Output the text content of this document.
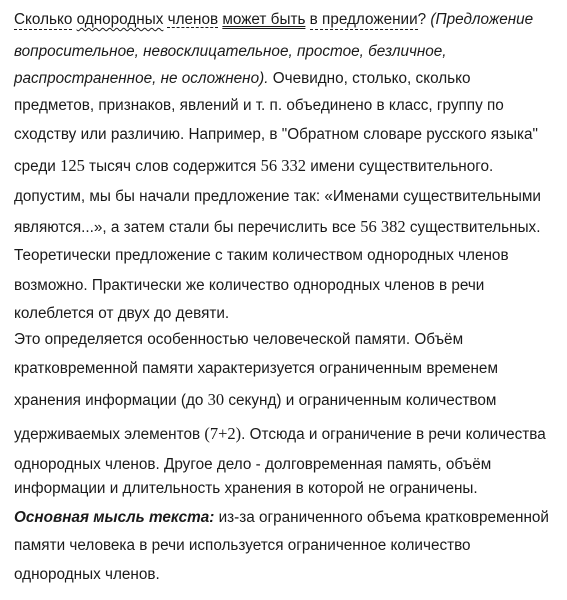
Сколько однородных членов может быть в предложении? (Предложение
вопросительное, невосклицательное, простое, безличное,
распространенное, не осложнено). Очевидно, столько, сколько
предметов, признаков, явлений и т. п. объединено в класс, группу по
сходству или различию. Например, в "Обратном словаре русского языка"
среди 125 тысяч слов содержится 56 332 имени существительного.
допустим, мы бы начали предложение так: «Именами существительными
являются...», а затем стали бы перечислить все 56 382 существительных.
Теоретически предложение с таким количеством однородных членов
возможно. Практически же количество однородных членов в речи
колеблется от двух до девяти.
Это определяется особенностью человеческой памяти. Объём
кратковременной памяти характеризуется ограниченным временем
хранения информации (до 30 секунд) и ограниченным количеством
удерживаемых элементов (7+2). Отсюда и ограничение в речи количества
однородных членов. Другое дело - долговременная память, объём
информации и длительность хранения в которой не ограничены.
Основная мысль текста: из-за ограниченного объема кратковременной
памяти человека в речи используется ограниченное количество
однородных членов.
